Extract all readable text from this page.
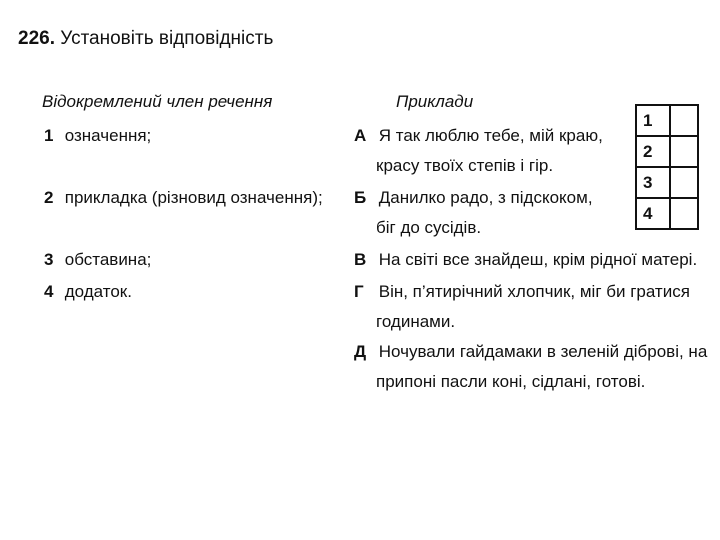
226. Установіть відповідність
Відокремлений член речення	Приклади
1 означення;
2 прикладка (різновид означення);
3 обставина;
4 додаток.
А Я так люблю тебе, мій краю,
красу твоїх степів і гір.
Б Данилко радо, з підскоком,
біг до сусідів.
В На світі все знайдеш, крім рідної матері.
Г Він, п’ятирічний хлопчик, міг би гратися
годинами.
Д Ночували гайдамаки в зеленій діброві, на
припоні пасли коні, сідлані, готові.
1	
2	
3	
4	
